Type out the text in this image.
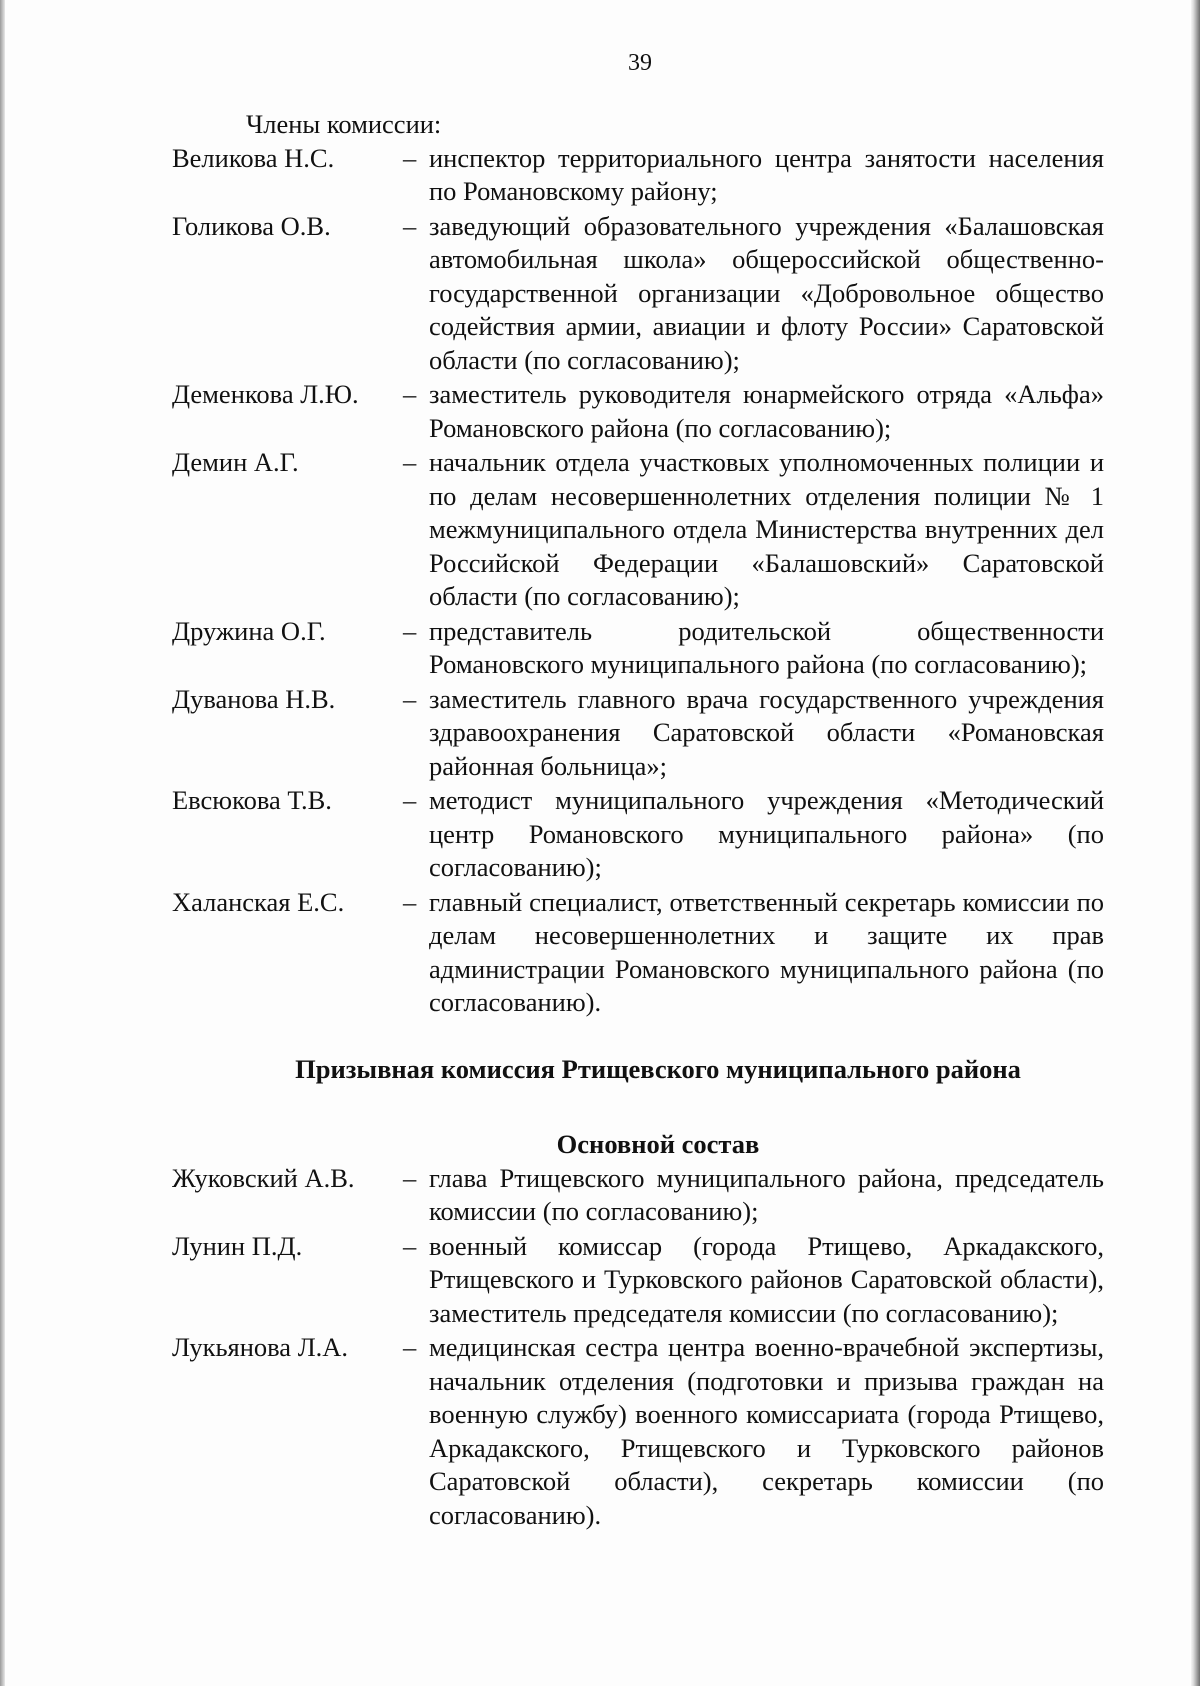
39
Члены комиссии:
Великова Н.С.	– инспектор территориального центра занятости населения по Романовскому району;
Голикова О.В.	– заведующий образовательного учреждения «Балашовская автомобильная школа» общероссийской общественно-государственной организации «Добровольное общество содействия армии, авиации и флоту России» Саратовской области (по согласованию);
Деменкова Л.Ю.	– заместитель руководителя юнармейского отряда «Альфа» Романовского района (по согласованию);
Демин А.Г.	– начальник отдела участковых уполномоченных полиции и по делам несовершеннолетних отделения полиции № 1 межмуниципального отдела Министерства внутренних дел Российской Федерации «Балашовский» Саратовской области (по согласованию);
Дружина О.Г.	– представитель родительской общественности Романовского муниципального района (по согласованию);
Дуванова Н.В.	– заместитель главного врача государственного учреждения здравоохранения Саратовской области «Романовская районная больница»;
Евсюкова Т.В.	– методист муниципального учреждения «Методический центр Романовского муниципального района» (по согласованию);
Халанская Е.С.	– главный специалист, ответственный секретарь комиссии по делам несовершеннолетних и защите их прав администрации Романовского муниципального района (по согласованию).
Призывная комиссия Ртищевского муниципального района
Основной состав
Жуковский А.В.	– глава Ртищевского муниципального района, председатель комиссии (по согласованию);
Лунин П.Д.	– военный комиссар (города Ртищево, Аркадакского, Ртищевского и Турковского районов Саратовской области), заместитель председателя комиссии (по согласованию);
Лукьянова Л.А.	– медицинская сестра центра военно-врачебной экспертизы, начальник отделения (подготовки и призыва граждан на военную службу) военного комиссариата (города Ртищево, Аркадакского, Ртищевского и Турковского районов Саратовской области), секретарь комиссии (по согласованию).
